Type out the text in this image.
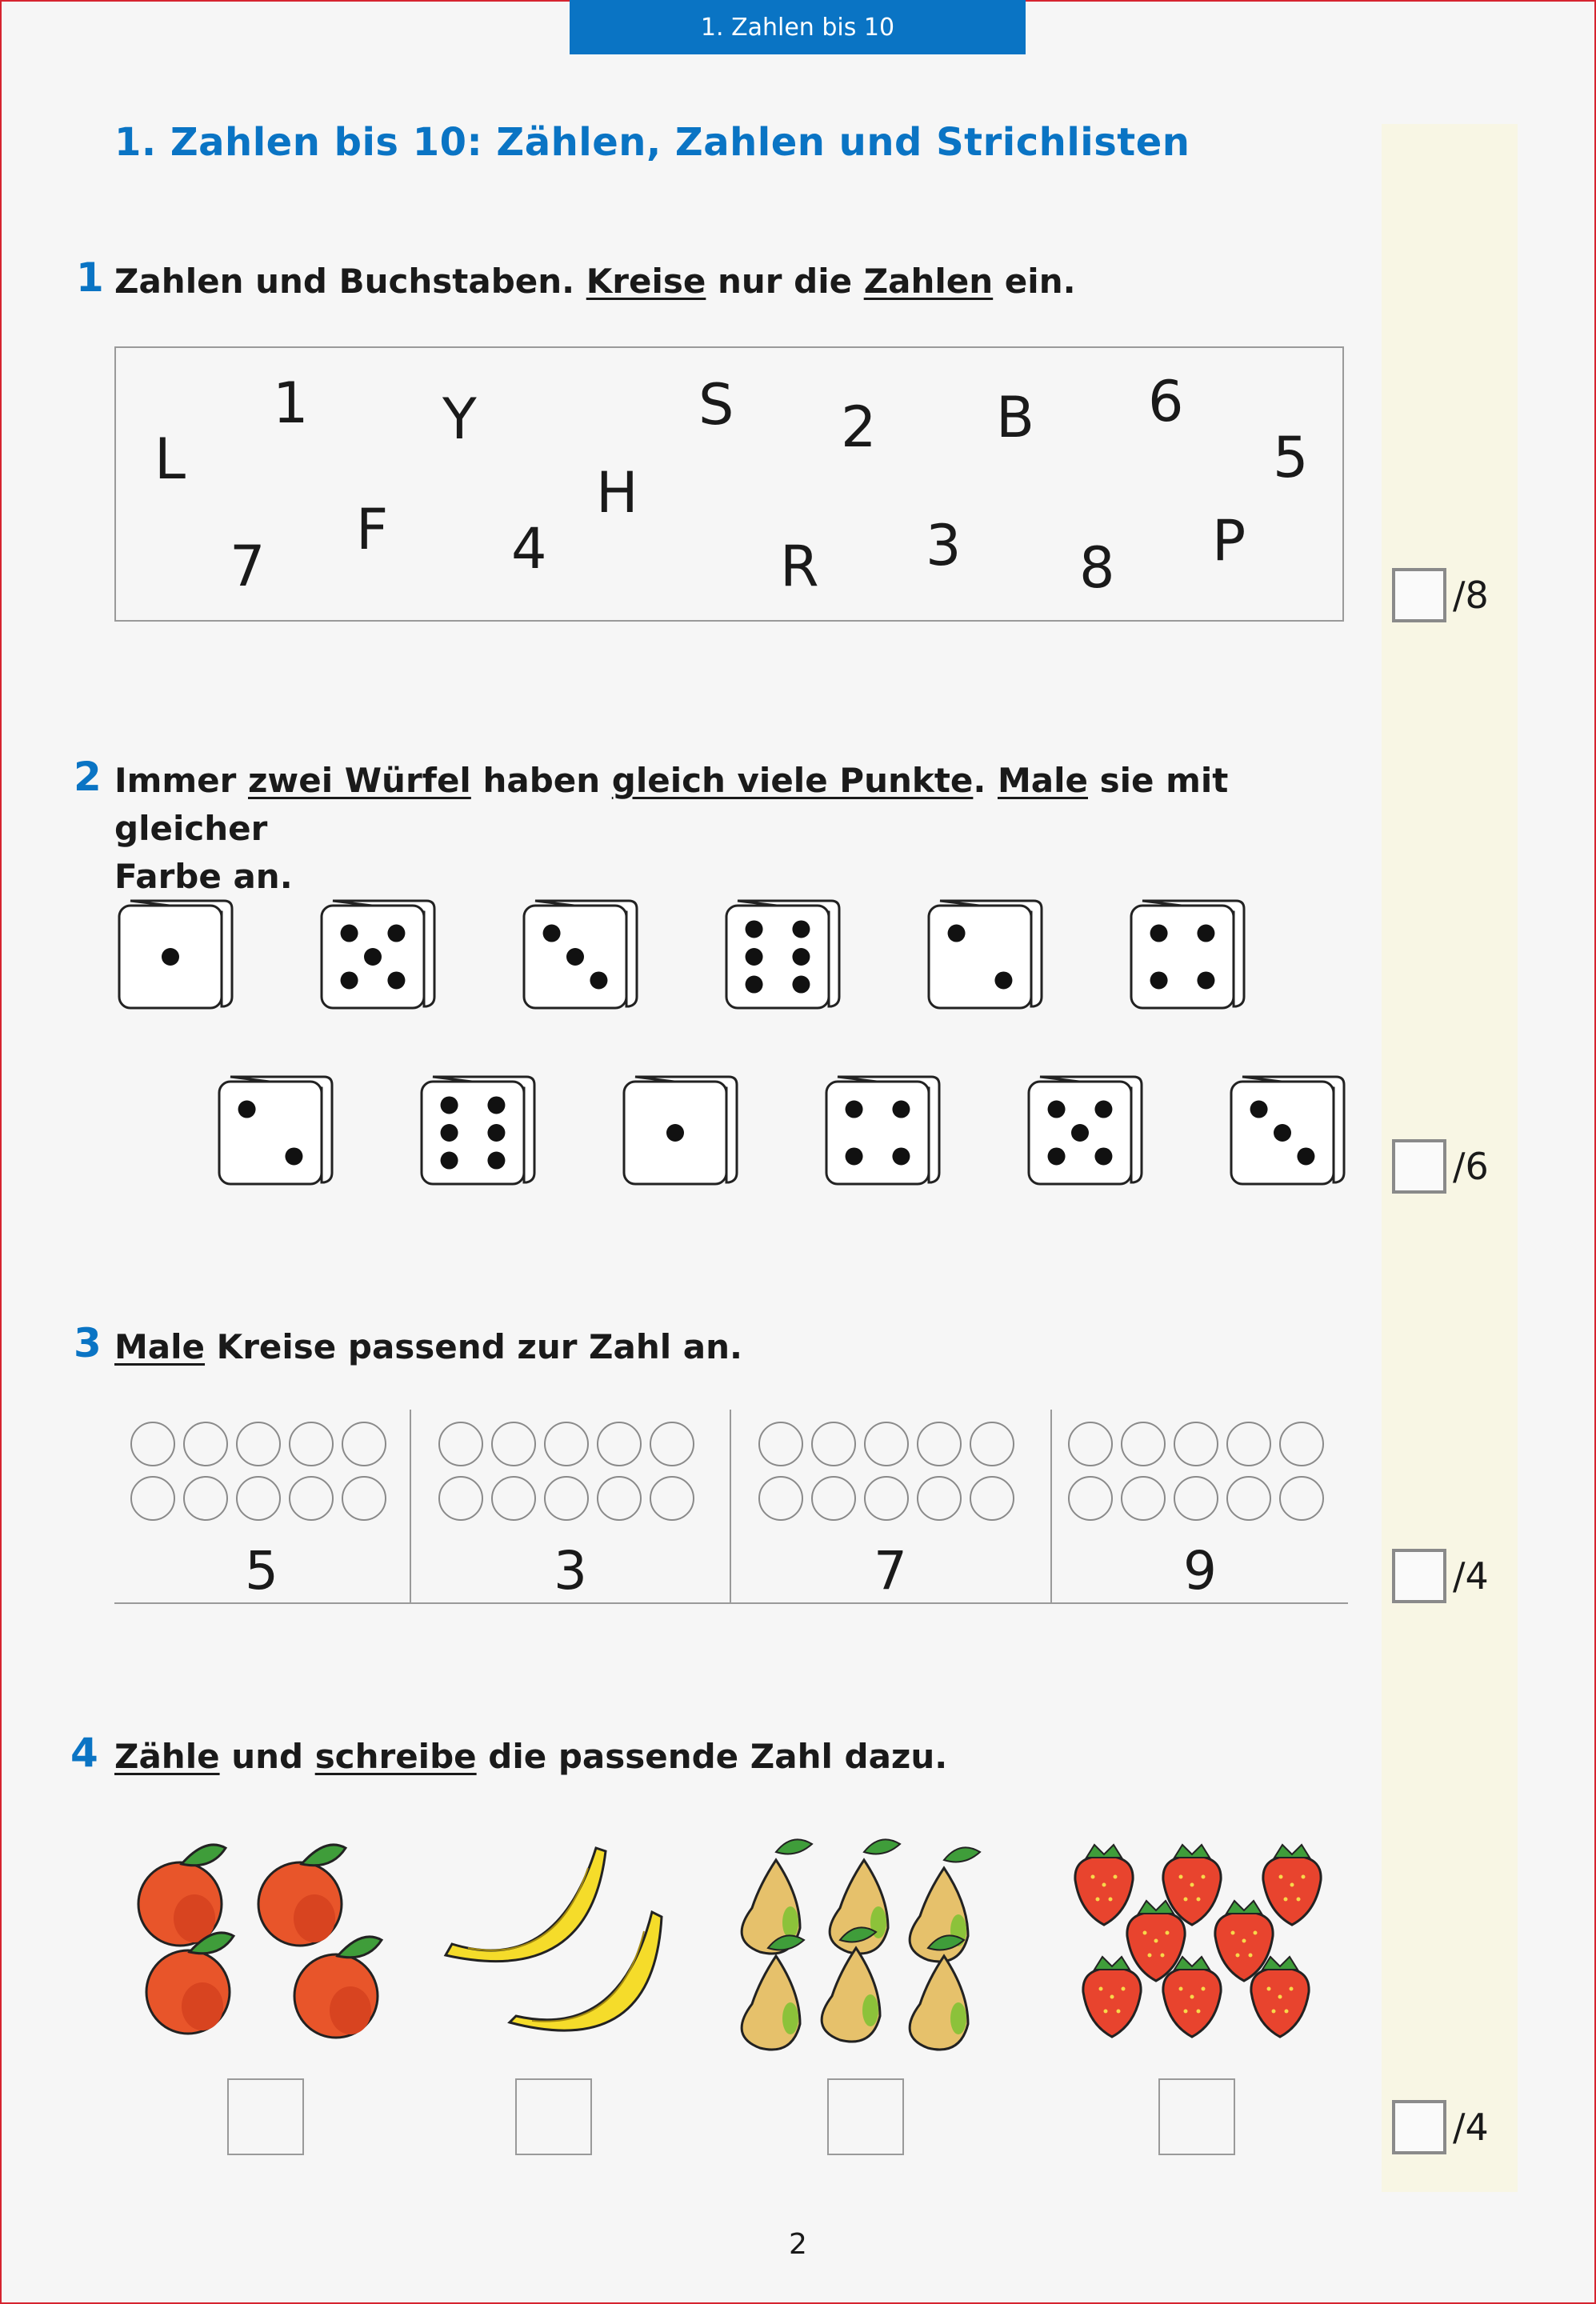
1. Zahlen bis 10
1. Zahlen bis 10: Zählen, Zahlen und Strichlisten
1 Zahlen und Buchstaben. Kreise nur die Zahlen ein.
L
1 Y	S 2 B 6
5
H
F 4
7	R 3 8 P
/8
2 Immer zwei Würfel haben gleich viele Punkte. Male sie mit gleicher
Farbe an.
/6
3 Male Kreise passend zur Zahl an.
5	3	7	9	/4
4 Zähle und schreibe die passende Zahl dazu.
/4
2
